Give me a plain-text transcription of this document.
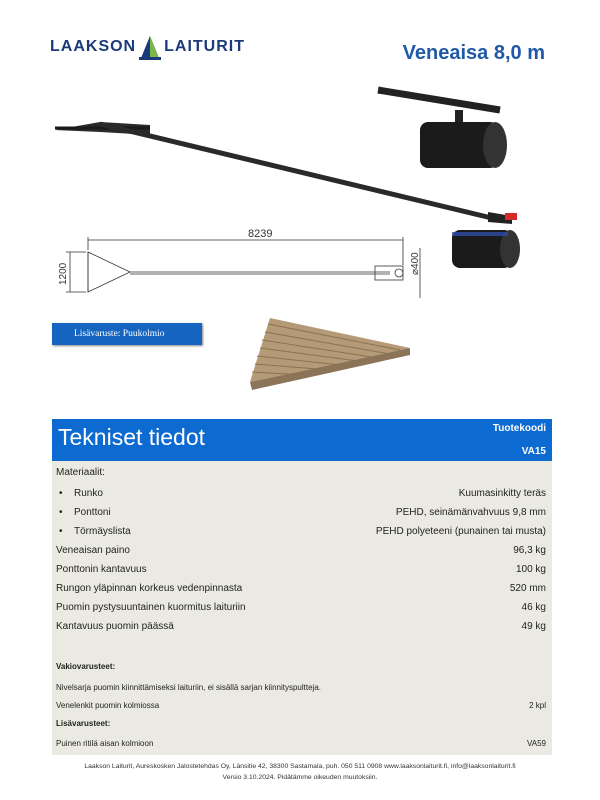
LAAKSON LAITURIT	Veneaisa 8,0 m
8239
1200	⌀400
Lisävaruste: Puukolmio
Tekniset tiedot	Tuotekoodi
VA15
Materiaalit:
•	Runko	Kuumasinkitty teräs
•	Ponttoni	PEHD, seinämänvahvuus 9,8 mm
•	Törmäyslista	PEHD polyeteeni (punainen tai musta)
Veneaisan paino	96,3 kg
Ponttonin kantavuus	100 kg
Rungon yläpinnan korkeus vedenpinnasta	520 mm
Puomin pystysuuntainen kuormitus laituriin	46 kg
Kantavuus puomin päässä	49 kg
Vakiovarusteet:
Nivelsarja puomin kiinnittämiseksi laituriin, ei sisällä sarjan kiinnityspultteja.
Venelenkit puomin kolmiossa	2 kpl
Lisävarusteet:
Puinen ritilä aisan kolmioon	VA59
Laakson Laiturit, Aureskosken Jalostetehdas Oy, Länsitie 42, 38300 Sastamala, puh. 050 511 0908 www.laaksonlaiturit.fi, info@laaksonlaiturit.fi
Versio 3.10.2024. Pidätämme oikeuden muutoksiin.
